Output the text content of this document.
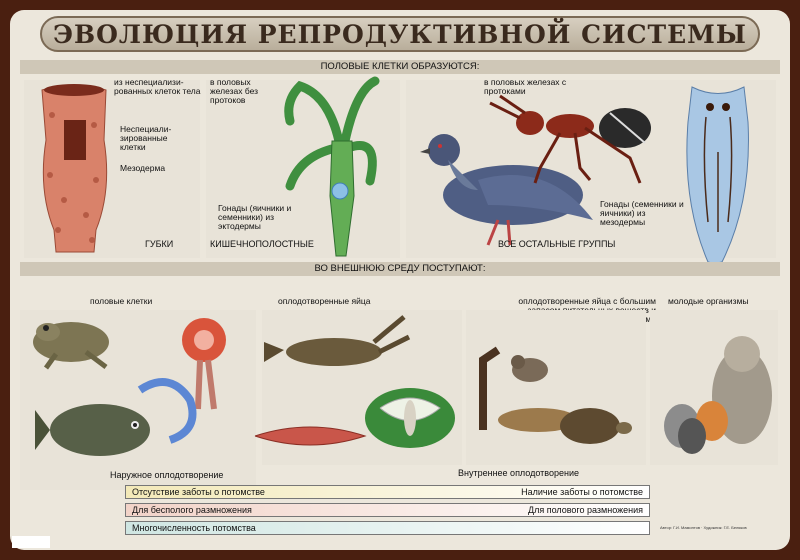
ЭВОЛЮЦИЯ РЕПРОДУКТИВНОЙ СИСТЕМЫ
ПОЛОВЫЕ КЛЕТКИ ОБРАЗУЮТСЯ:
из неспециализи-рованных клеток тела
Неспециали-зированные клетки
Мезодерма
ГУБКИ
в половых железах без протоков
Гонады (яичники и семенники) из эктодермы
КИШЕЧНОПОЛОСТНЫЕ
в половых железах с протоками
Гонады (семенники и яичники) из мезодермы
ВСЕ ОСТАЛЬНЫЕ ГРУППЫ
ВО ВНЕШНЮЮ СРЕДУ ПОСТУПАЮТ:
половые клетки	оплодотворенные яйца	оплодотворенные яйца с большим молодые организмы
Наружное оплодотворение	Внутреннее оплодотворение
Отсутствие заботы о потомстве	Наличие заботы о потомстве
Для бесполого размножения	Для полового размножения
Многочисленность потомства	Автор: Г.И. Мамонтов · Художник: Г.Е. Беляков
